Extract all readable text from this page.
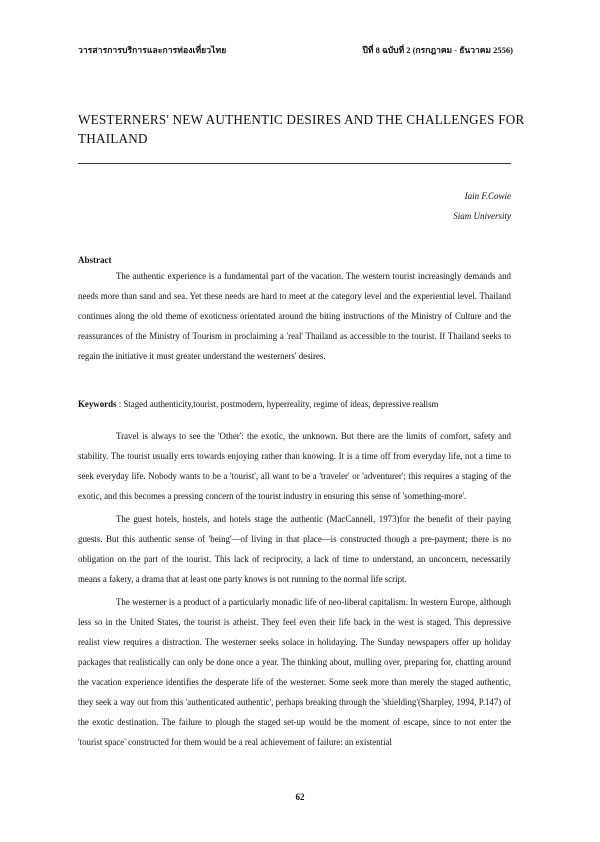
วารสารการบริการและการท่องเที่ยวไทย	ปีที่ 8 ฉบับที่ 2 (กรกฎาคม - ธันวาคม 2556)
WESTERNERS' NEW AUTHENTIC DESIRES AND THE CHALLENGES FOR THAILAND
Iain F.Cowie
Siam University
Abstract

The authentic experience is a fundamental part of the vacation. The western tourist increasingly demands and needs more than sand and sea. Yet these needs are hard to meet at the category level and the experiential level. Thailand continues along the old theme of exoticness orientated around the biting instructions of the Ministry of Culture and the reassurances of the Ministry of Tourism in proclaiming a 'real' Thailand as accessible to the tourist. If Thailand seeks to regain the initiative it must greater understand the westerners' desires.

Keywords : Staged authenticity,tourist, postmodern, hyperreality, regime of ideas, depressive realism

Travel is always to see the 'Other': the exotic, the unknown. But there are the limits of comfort, safety and stability. The tourist usually errs towards enjoying rather than knowing. It is a time off from everyday life, not a time to seek everyday life. Nobody wants to be a 'tourist', all want to be a 'traveler' or 'adventurer'; this requires a staging of the exotic, and this becomes a pressing concern of the tourist industry in ensuring this sense of 'something-more'.

The guest hotels, hostels, and hotels stage the authentic (MacCannell, 1973)for the benefit of their paying guests. But this authentic sense of 'being'—of living in that place—is constructed though a pre-payment; there is no obligation on the part of the tourist. This lack of reciprocity, a lack of time to understand, an unconcern, necessarily means a fakery, a drama that at least one party knows is not running to the normal life script.

The westerner is a product of a particularly monadic life of neo-liberal capitalism. In western Europe, although less so in the United States, the tourist is atheist. They feel even their life back in the west is staged. This depressive realist view requires a distraction. The westerner seeks solace in holidaying. The Sunday newspapers offer up holiday packages that realistically can only be done once a year. The thinking about, mulling over, preparing for, chatting around the vacation experience identifies the desperate life of the westerner. Some seek more than merely the staged authentic, they seek a way out from this 'authenticated authentic', perhaps breaking through the 'shielding'(Sharpley, 1994, P.147) of the exotic destination. The failure to plough the staged set-up would be the moment of escape, since to not enter the 'tourist space' constructed for them would be a real achievement of failure: an existential

62
